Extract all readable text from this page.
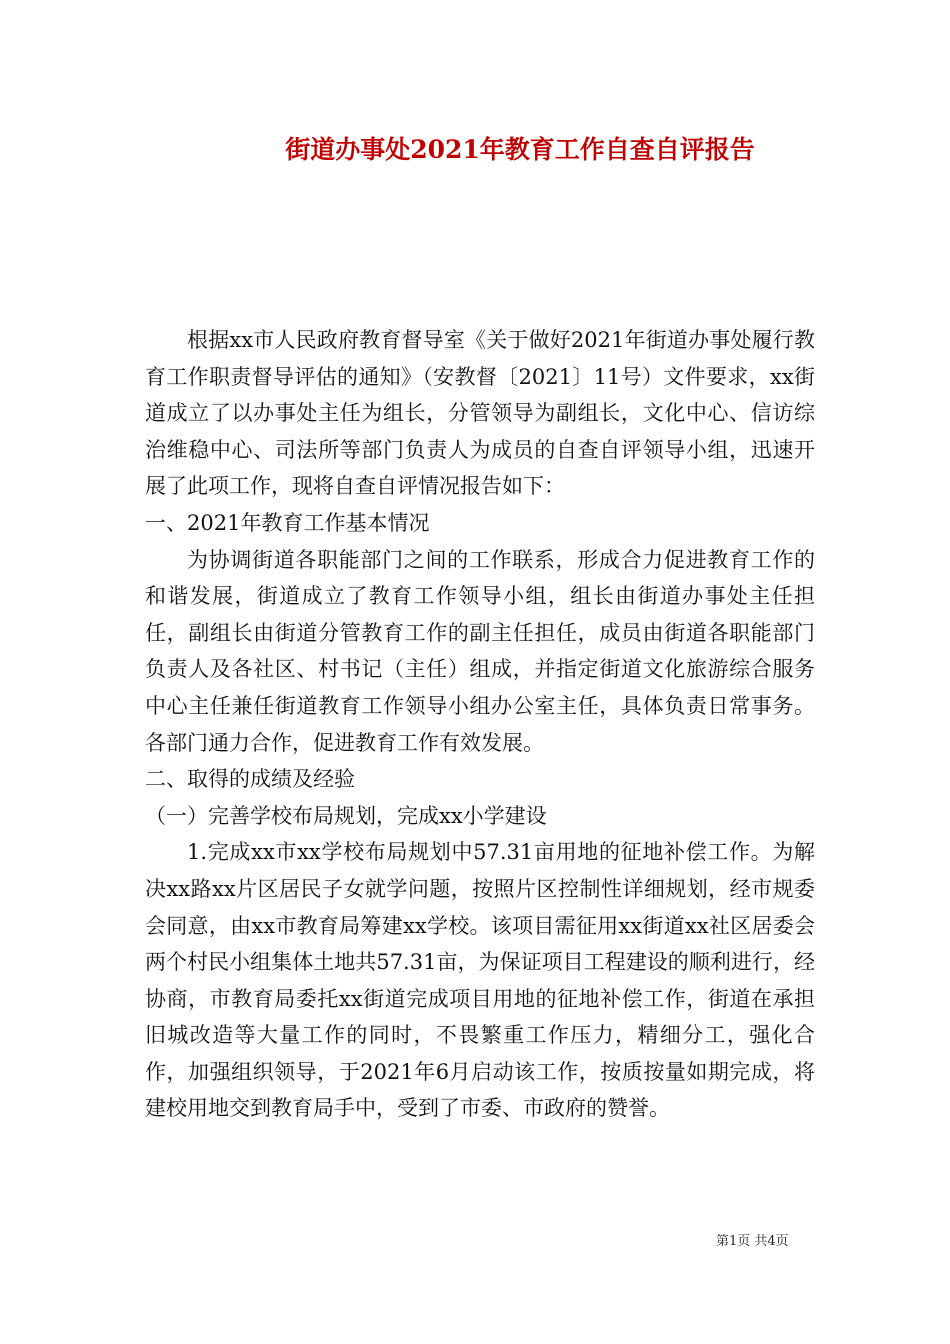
街道办事处2021年教育工作自查自评报告

根据xx市人民政府教育督导室《关于做好2021年街道办事处履行教育工作职责督导评估的通知》（安教督〔2021〕11号）文件要求，xx街道成立了以办事处主任为组长，分管领导为副组长，文化中心、信访综治维稳中心、司法所等部门负责人为成员的自查自评领导小组，迅速开展了此项工作，现将自查自评情况报告如下：

一、2021年教育工作基本情况

为协调街道各职能部门之间的工作联系，形成合力促进教育工作的和谐发展，街道成立了教育工作领导小组，组长由街道办事处主任担任，副组长由街道分管教育工作的副主任担任，成员由街道各职能部门负责人及各社区、村书记（主任）组成，并指定街道文化旅游综合服务中心主任兼任街道教育工作领导小组办公室主任，具体负责日常事务。各部门通力合作，促进教育工作有效发展。

二、取得的成绩及经验

（一）完善学校布局规划，完成xx小学建设

1.完成xx市xx学校布局规划中57.31亩用地的征地补偿工作。为解决xx路xx片区居民子女就学问题，按照片区控制性详细规划，经市规委会同意，由xx市教育局筹建xx学校。该项目需征用xx街道xx社区居委会两个村民小组集体土地共57.31亩，为保证项目工程建设的顺利进行，经协商，市教育局委托xx街道完成项目用地的征地补偿工作，街道在承担旧城改造等大量工作的同时，不畏繁重工作压力，精细分工，强化合作，加强组织领导，于2021年6月启动该工作，按质按量如期完成，将建校用地交到教育局手中，受到了市委、市政府的赞誉。

第1页 共4页
